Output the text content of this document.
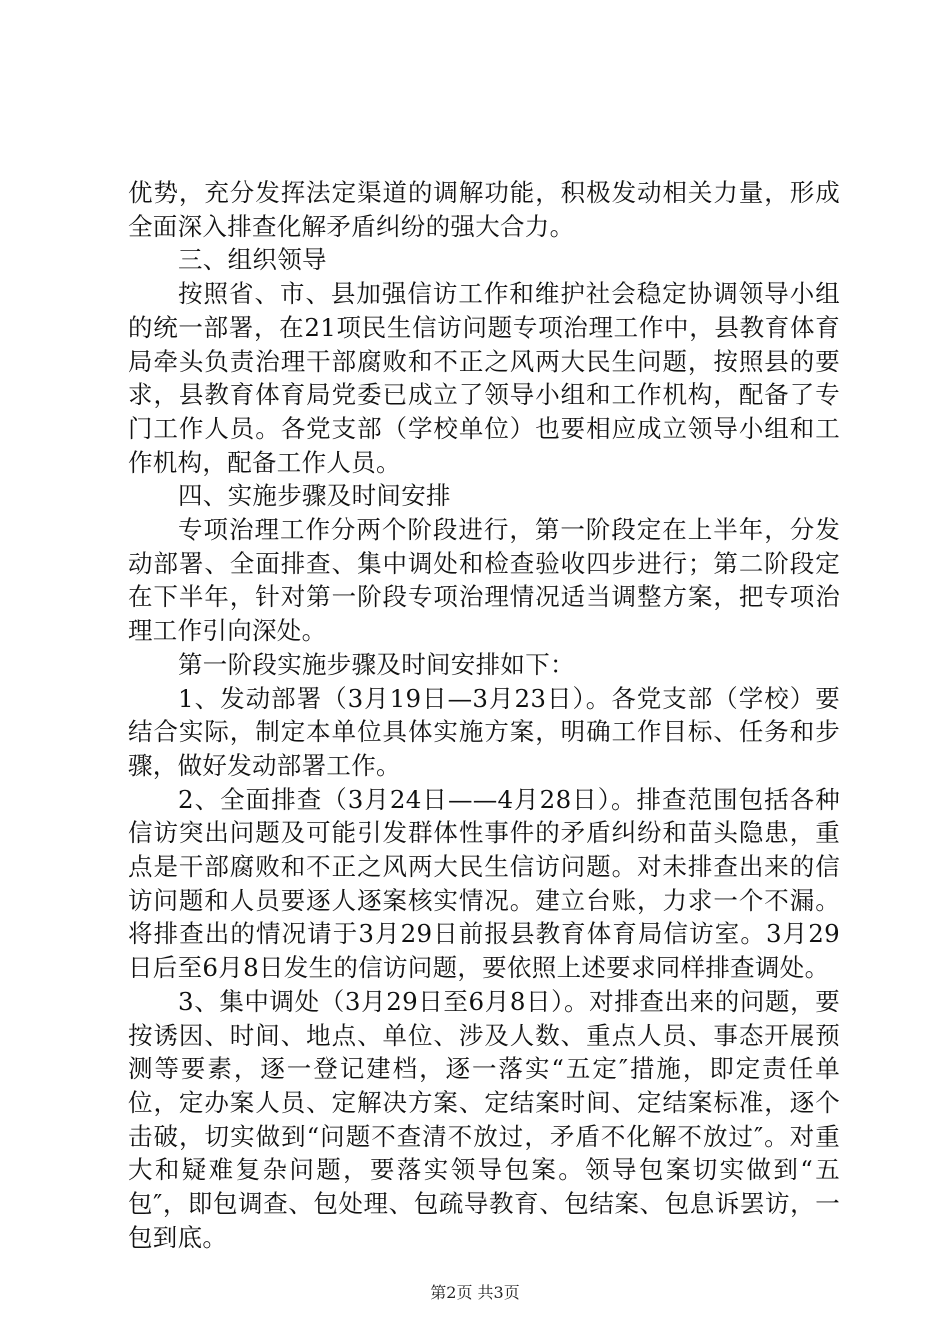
优势，充分发挥法定渠道的调解功能，积极发动相关力量，形成全面深入排查化解矛盾纠纷的强大合力。

三、组织领导

按照省、市、县加强信访工作和维护社会稳定协调领导小组的统一部署，在21项民生信访问题专项治理工作中，县教育体育局牵头负责治理干部腐败和不正之风两大民生问题，按照县的要求，县教育体育局党委已成立了领导小组和工作机构，配备了专门工作人员。各党支部（学校单位）也要相应成立领导小组和工作机构，配备工作人员。

四、实施步骤及时间安排

专项治理工作分两个阶段进行，第一阶段定在上半年，分发动部署、全面排查、集中调处和检查验收四步进行；第二阶段定在下半年，针对第一阶段专项治理情况适当调整方案，把专项治理工作引向深处。

第一阶段实施步骤及时间安排如下：

1、发动部署（3月19日—3月23日）。各党支部（学校）要结合实际，制定本单位具体实施方案，明确工作目标、任务和步骤，做好发动部署工作。

2、全面排查（3月24日——4月28日）。排查范围包括各种信访突出问题及可能引发群体性事件的矛盾纠纷和苗头隐患，重点是干部腐败和不正之风两大民生信访问题。对未排查出来的信访问题和人员要逐人逐案核实情况。建立台账，力求一个不漏。将排查出的情况请于3月29日前报县教育体育局信访室。3月29日后至6月8日发生的信访问题，要依照上述要求同样排查调处。

3、集中调处（3月29日至6月8日）。对排查出来的问题，要按诱因、时间、地点、单位、涉及人数、重点人员、事态开展预测等要素，逐一登记建档，逐一落实“五定″措施，即定责任单位，定办案人员、定解决方案、定结案时间、定结案标准，逐个击破，切实做到“问题不查清不放过，矛盾不化解不放过″。对重大和疑难复杂问题，要落实领导包案。领导包案切实做到“五包″，即包调查、包处理、包疏导教育、包结案、包息诉罢访，一包到底。

第2页 共3页
